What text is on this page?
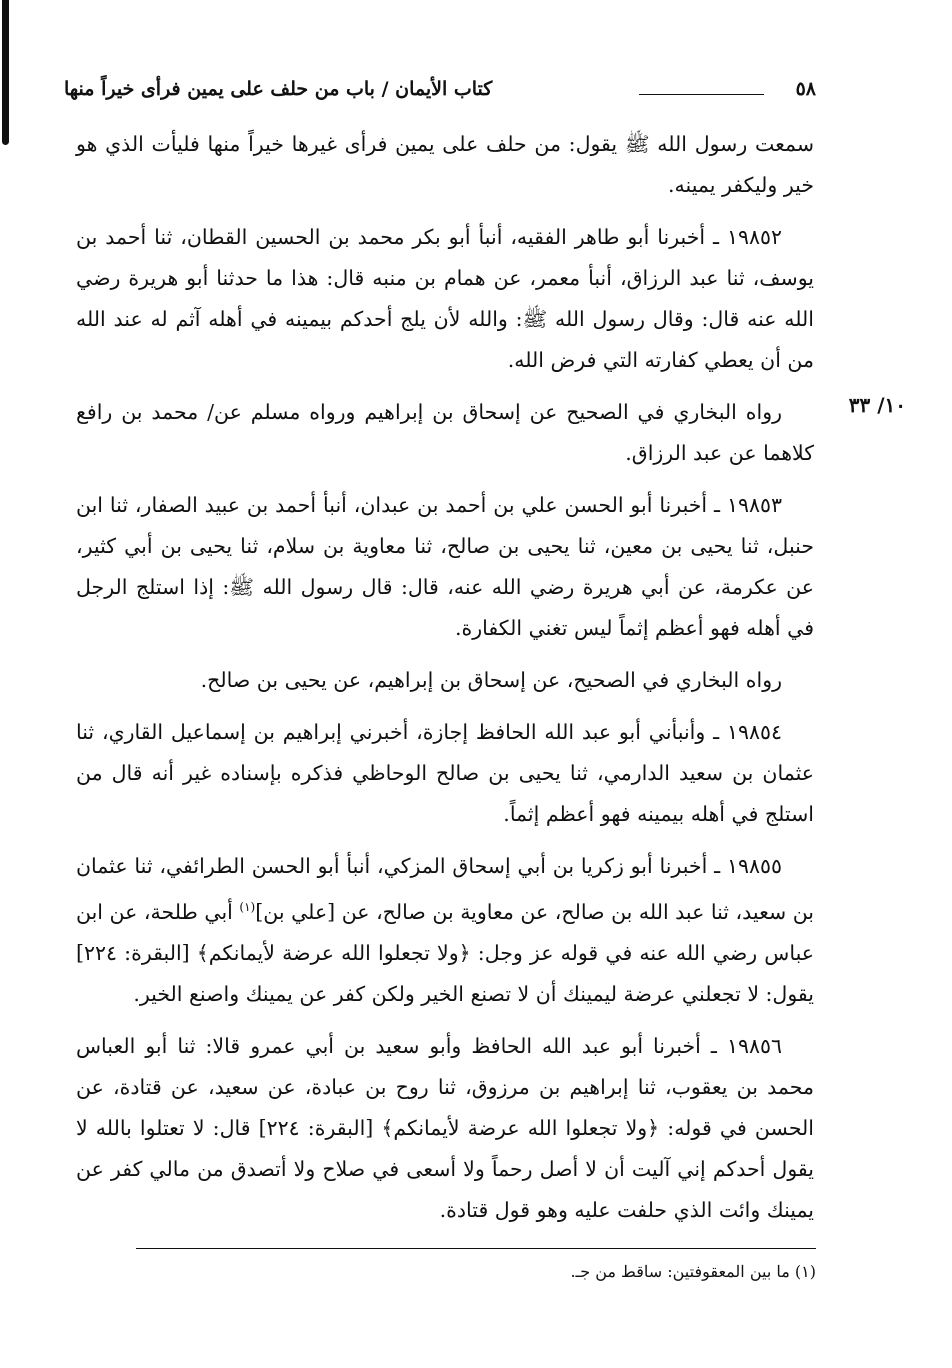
٥٨
كتاب الأيمان / باب من حلف على يمين فرأى خيراً منها
١٠/ ٣٣

سمعت رسول الله ﷺ يقول: من حلف على يمين فرأى غيرها خيراً منها فليأت الذي هو خير وليكفر يمينه.

١٩٨٥٢ ـ أخبرنا أبو طاهر الفقيه، أنبأ أبو بكر محمد بن الحسين القطان، ثنا أحمد بن يوسف، ثنا عبد الرزاق، أنبأ معمر، عن همام بن منبه قال: هذا ما حدثنا أبو هريرة رضي الله عنه قال: وقال رسول الله ﷺ: والله لأن يلج أحدكم بيمينه في أهله آثم له عند الله من أن يعطي كفارته التي فرض الله.

رواه البخاري في الصحيح عن إسحاق بن إبراهيم ورواه مسلم عن/ محمد بن رافع كلاهما عن عبد الرزاق.

١٩٨٥٣ ـ أخبرنا أبو الحسن علي بن أحمد بن عبدان، أنبأ أحمد بن عبيد الصفار، ثنا ابن حنبل، ثنا يحيى بن معين، ثنا يحيى بن صالح، ثنا معاوية بن سلام، ثنا يحيى بن أبي كثير، عن عكرمة، عن أبي هريرة رضي الله عنه، قال: قال رسول الله ﷺ: إذا استلج الرجل في أهله فهو أعظم إثماً ليس تغني الكفارة.

رواه البخاري في الصحيح، عن إسحاق بن إبراهيم، عن يحيى بن صالح.

١٩٨٥٤ ـ وأنبأني أبو عبد الله الحافظ إجازة، أخبرني إبراهيم بن إسماعيل القاري، ثنا عثمان بن سعيد الدارمي، ثنا يحيى بن صالح الوحاظي فذكره بإسناده غير أنه قال من استلج في أهله بيمينه فهو أعظم إثماً.

١٩٨٥٥ ـ أخبرنا أبو زكريا بن أبي إسحاق المزكي، أنبأ أبو الحسن الطرائفي، ثنا عثمان بن سعيد، ثنا عبد الله بن صالح، عن معاوية بن صالح، عن [علي بن]$^{(١)}$ أبي طلحة، عن ابن عباس رضي الله عنه في قوله عز وجل: ﴿ولا تجعلوا الله عرضة لأيمانكم﴾ [البقرة: ٢٢٤] يقول: لا تجعلني عرضة ليمينك أن لا تصنع الخير ولكن كفر عن يمينك واصنع الخير.

١٩٨٥٦ ـ أخبرنا أبو عبد الله الحافظ وأبو سعيد بن أبي عمرو قالا: ثنا أبو العباس محمد بن يعقوب، ثنا إبراهيم بن مرزوق، ثنا روح بن عبادة، عن سعيد، عن قتادة، عن الحسن في قوله: ﴿ولا تجعلوا الله عرضة لأيمانكم﴾ [البقرة: ٢٢٤] قال: لا تعتلوا بالله لا يقول أحدكم إني آليت أن لا أصل رحماً ولا أسعى في صلاح ولا أتصدق من مالي كفر عن يمينك وائت الذي حلفت عليه وهو قول قتادة.

(١) ما بين المعقوفتين: ساقط من جـ.
